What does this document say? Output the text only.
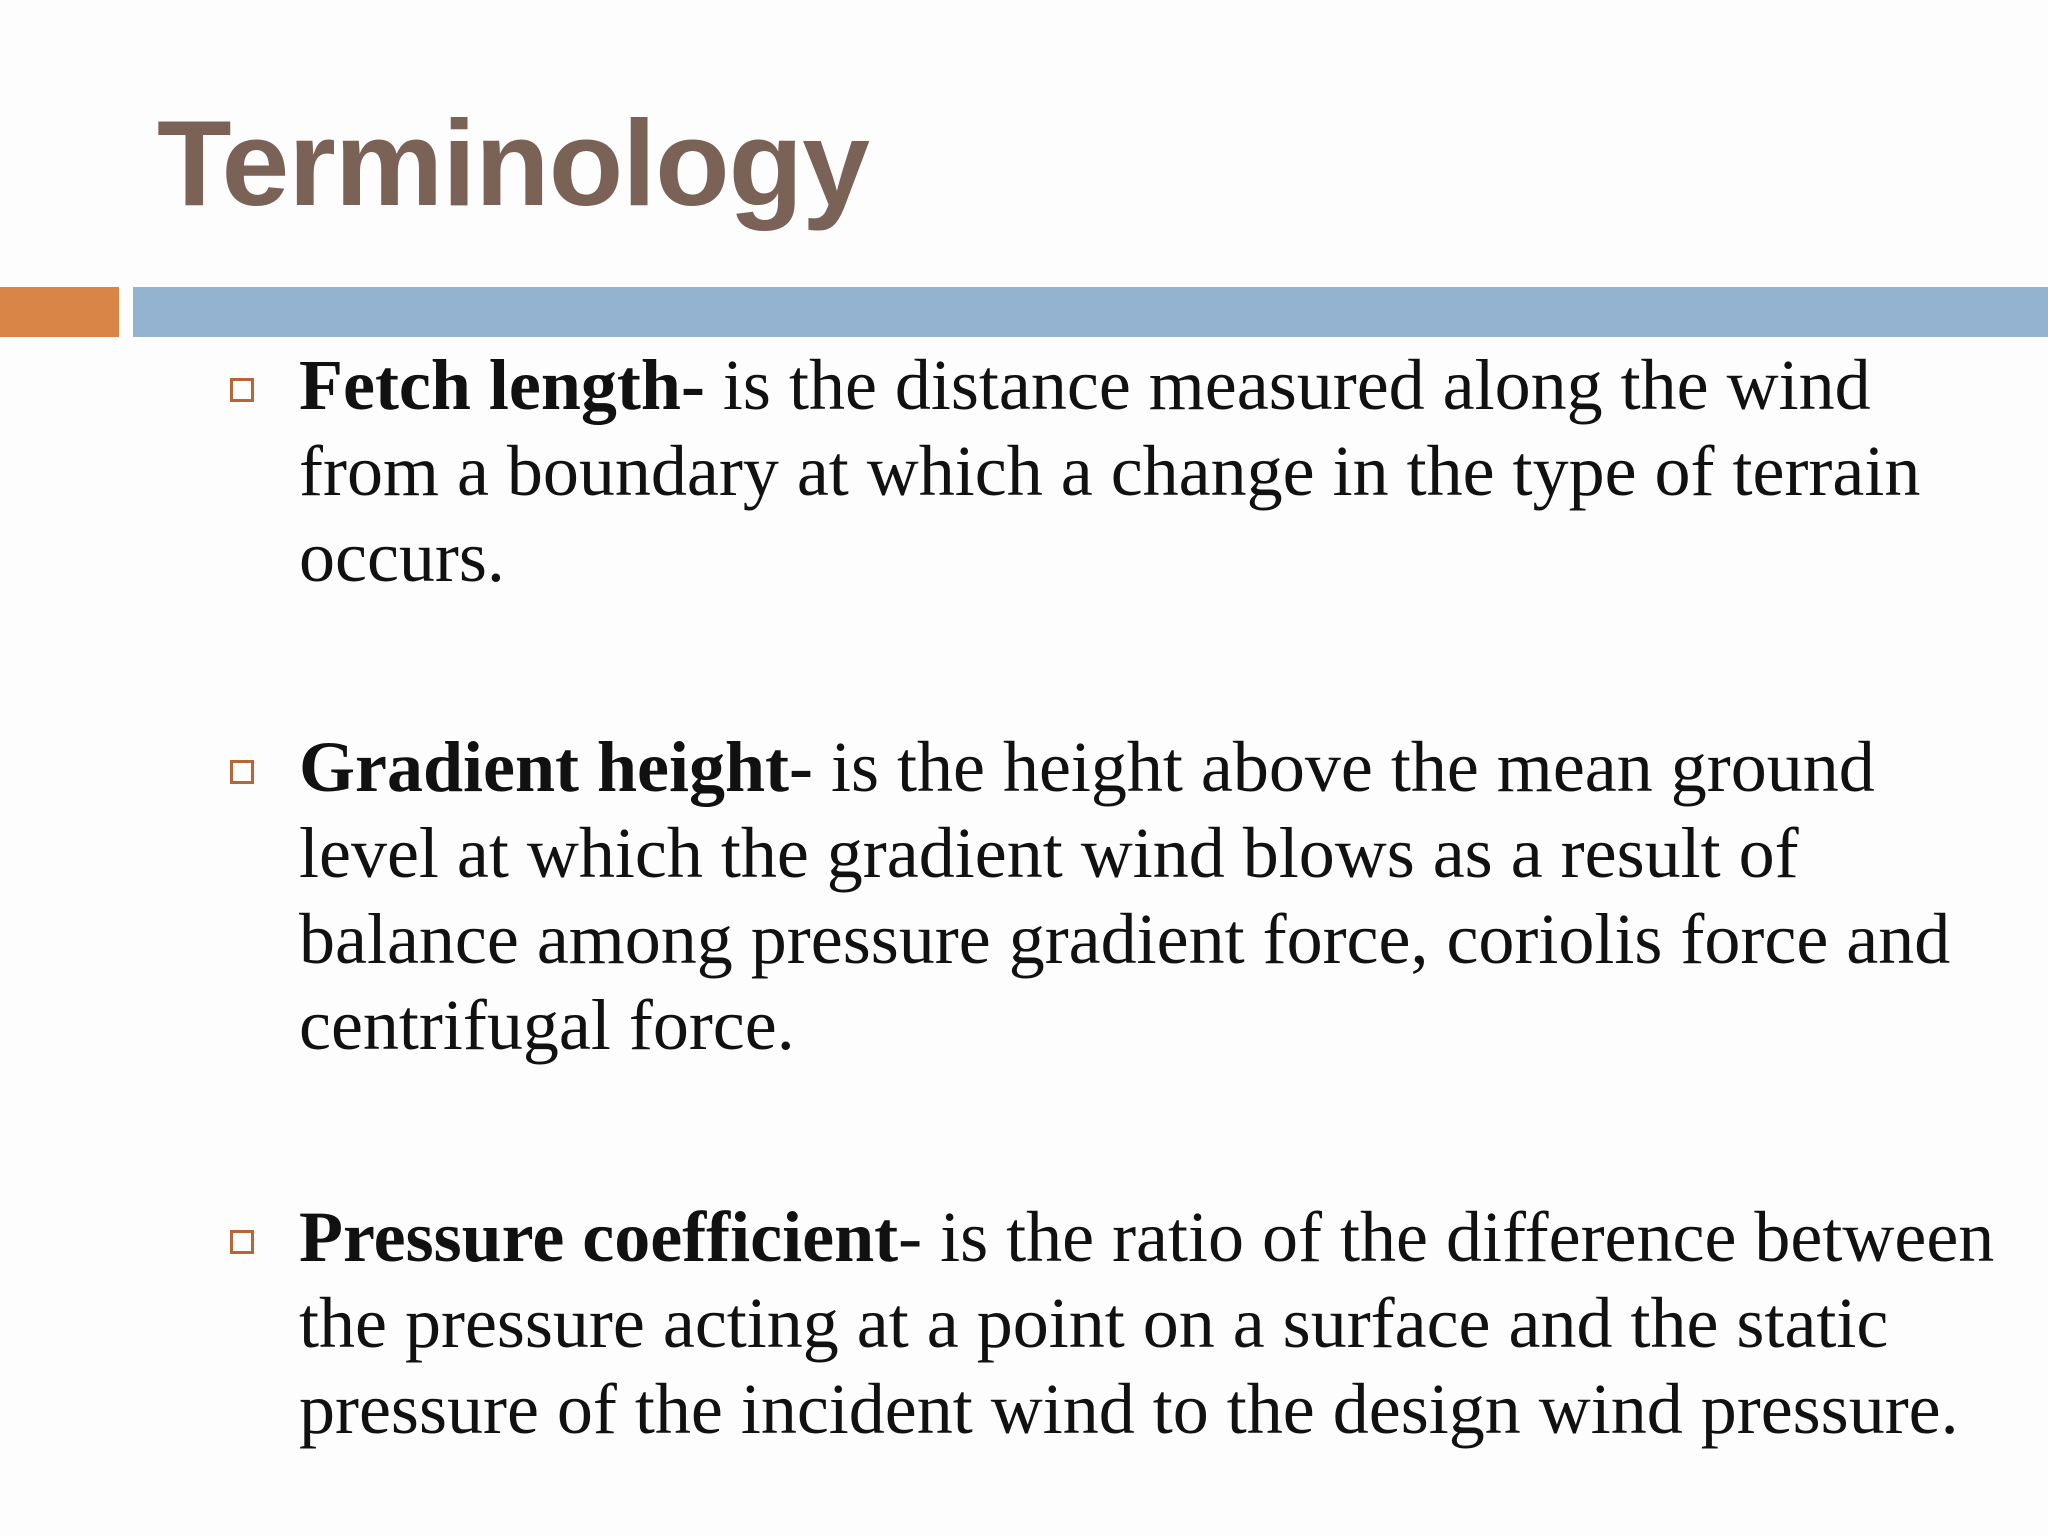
Terminology
Fetch length- is the distance measured along the wind from a boundary at which a change in the type of terrain occurs.
Gradient height- is the height above the mean ground level at which the gradient wind blows as a result of balance among pressure gradient force, coriolis force and centrifugal force.
Pressure coefficient- is the ratio of the difference between the pressure acting at a point on a surface and the static pressure of the incident wind to the design wind pressure.
